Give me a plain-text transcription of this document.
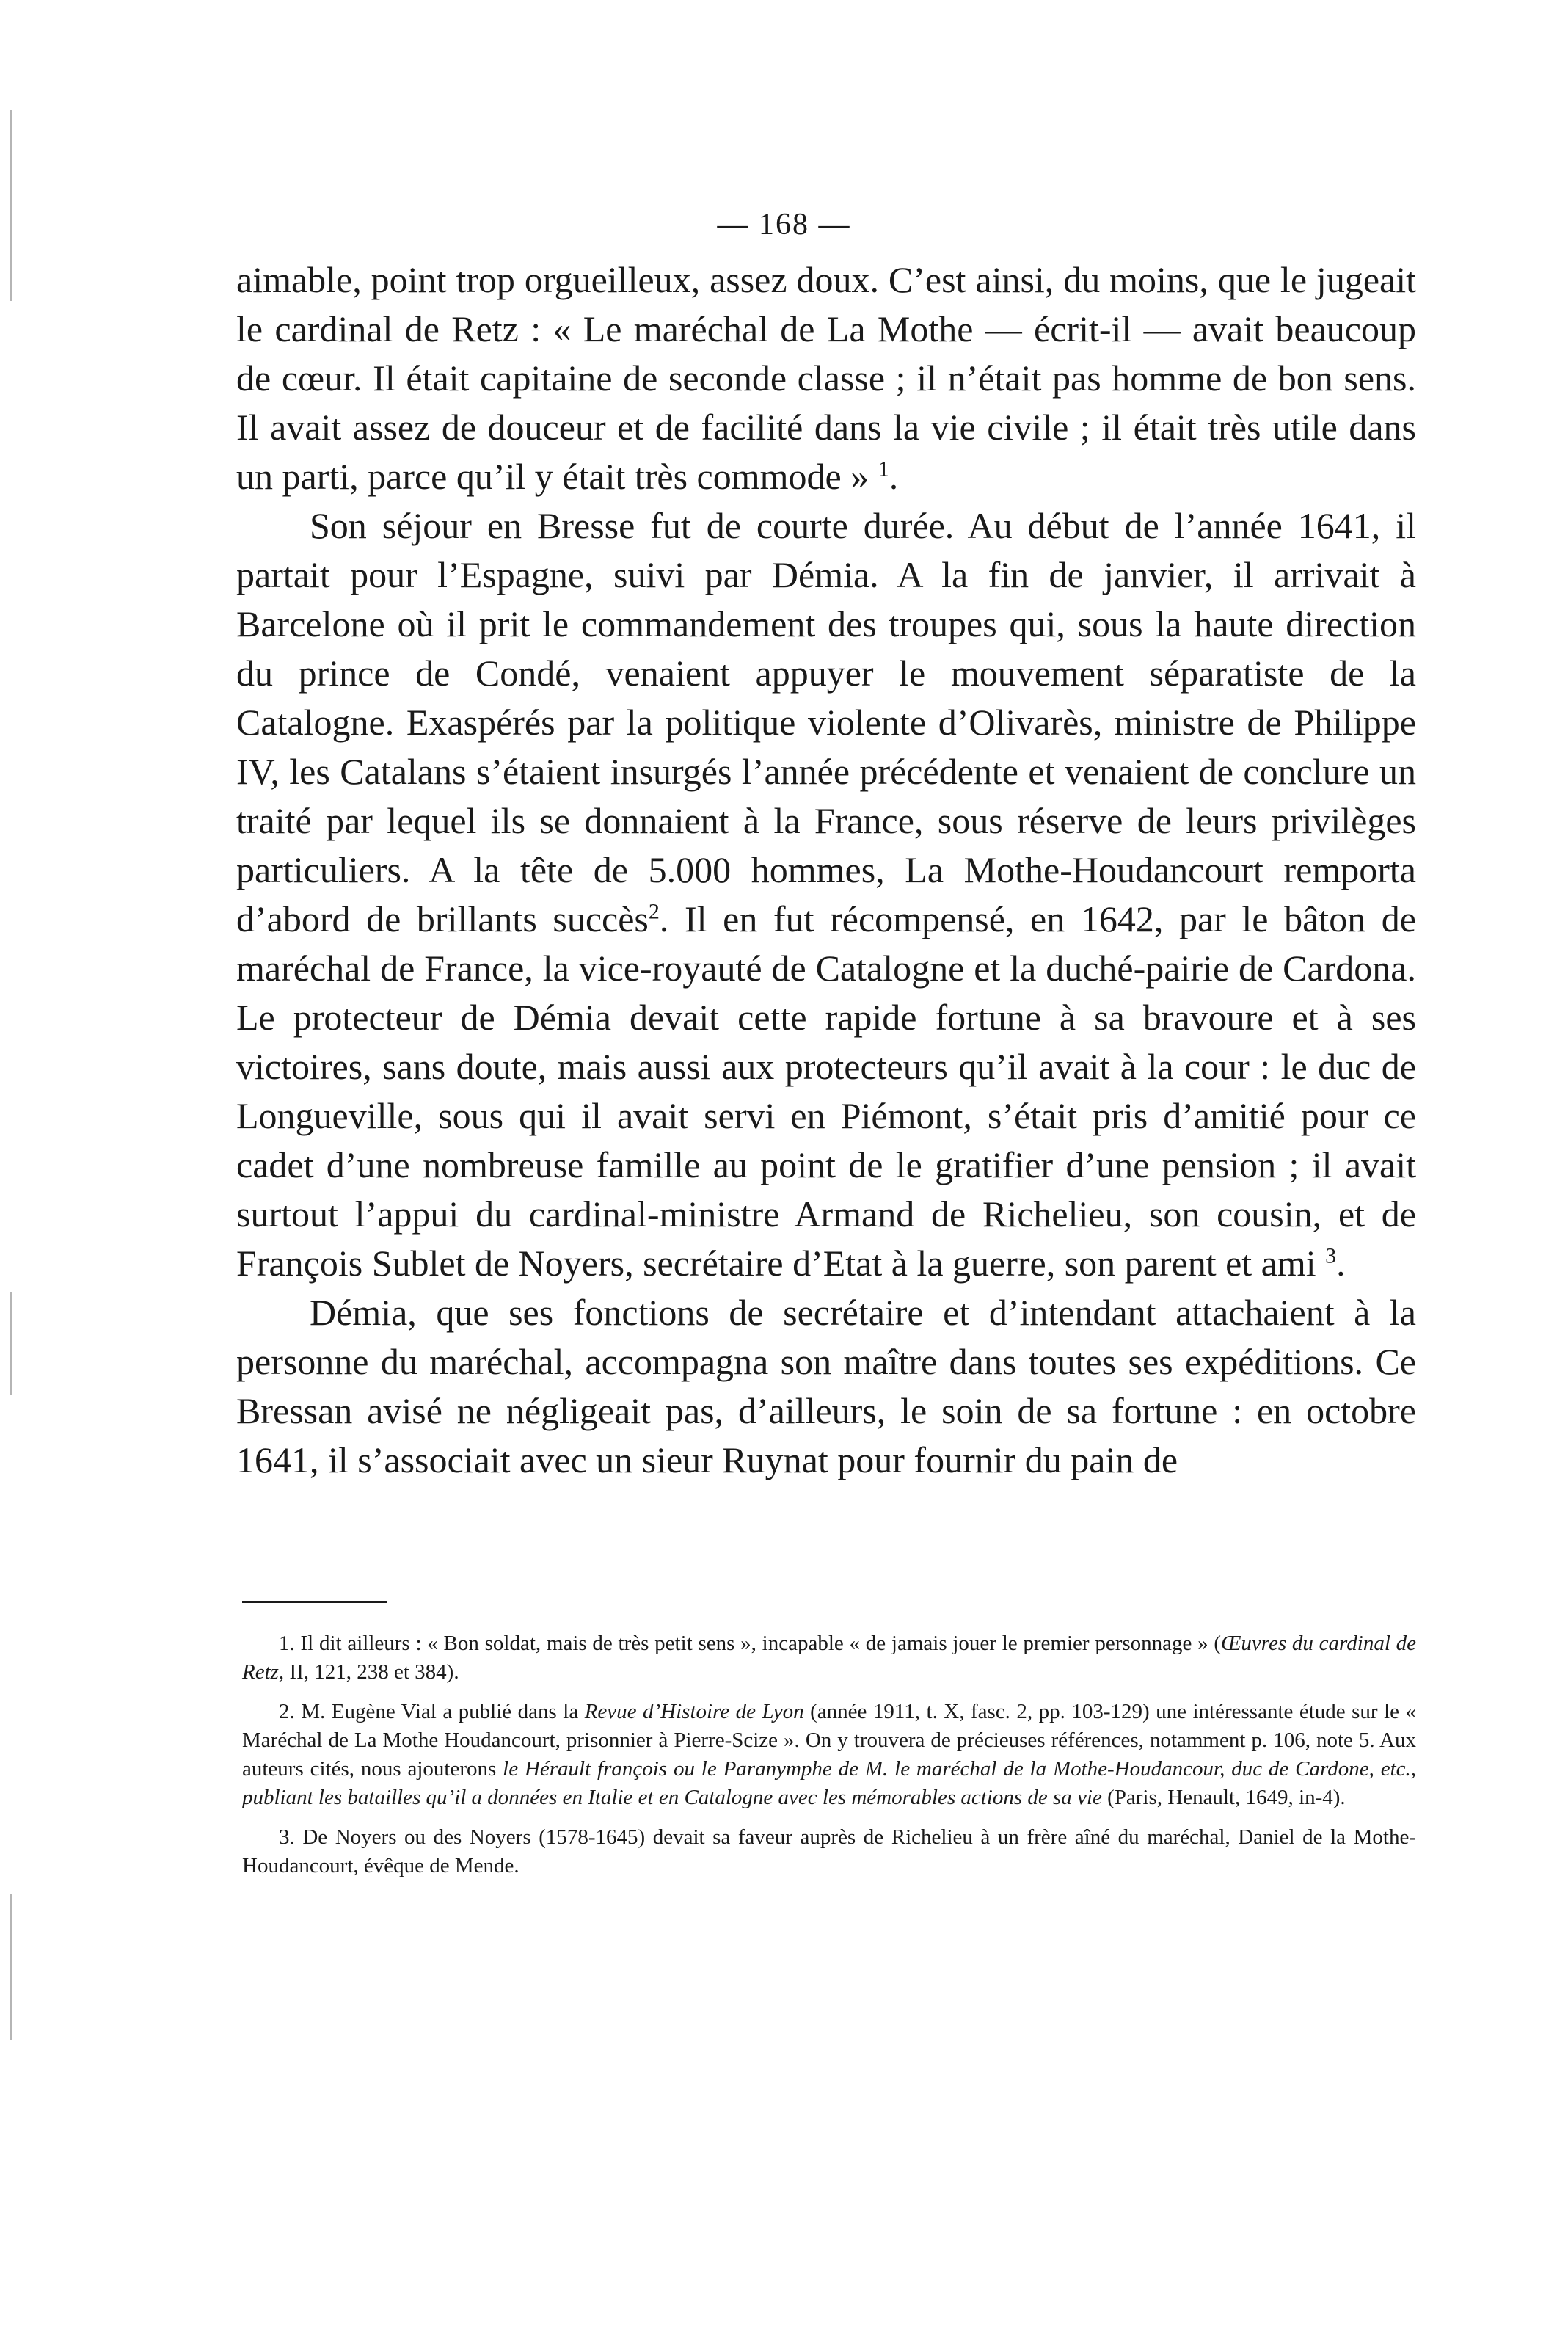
— 168 —

aimable, point trop orgueilleux, assez doux. C’est ainsi, du moins, que le jugeait le cardinal de Retz : « Le maréchal de La Mothe — écrit-il — avait beaucoup de cœur. Il était capitaine de seconde classe ; il n’était pas homme de bon sens. Il avait assez de douceur et de facilité dans la vie civile ; il était très utile dans un parti, parce qu’il y était très commode » $^1$.

Son séjour en Bresse fut de courte durée. Au début de l’année 1641, il partait pour l’Espagne, suivi par Démia. A la fin de janvier, il arrivait à Barcelone où il prit le commandement des troupes qui, sous la haute direction du prince de Condé, venaient appuyer le mouvement séparatiste de la Catalogne. Exaspérés par la politique violente d’Olivarès, ministre de Philippe IV, les Catalans s’étaient insurgés l’année précédente et venaient de conclure un traité par lequel ils se donnaient à la France, sous réserve de leurs privilèges particuliers. A la tête de 5.000 hommes, La Mothe-Houdancourt remporta d’abord de brillants succès$^2$. Il en fut récompensé, en 1642, par le bâton de maréchal de France, la vice-royauté de Catalogne et la duché-pairie de Cardona. Le protecteur de Démia devait cette rapide fortune à sa bravoure et à ses victoires, sans doute, mais aussi aux protecteurs qu’il avait à la cour : le duc de Longueville, sous qui il avait servi en Piémont, s’était pris d’amitié pour ce cadet d’une nombreuse famille au point de le gratifier d’une pension ; il avait surtout l’appui du cardinal-ministre Armand de Richelieu, son cousin, et de François Sublet de Noyers, secrétaire d’Etat à la guerre, son parent et ami $^3$.

Démia, que ses fonctions de secrétaire et d’intendant attachaient à la personne du maréchal, accompagna son maître dans toutes ses expéditions. Ce Bressan avisé ne négligeait pas, d’ailleurs, le soin de sa fortune : en octobre 1641, il s’associait avec un sieur Ruynat pour fournir du pain de

1. Il dit ailleurs : « Bon soldat, mais de très petit sens », incapable « de jamais jouer le premier personnage » (Œuvres du cardinal de Retz, II, 121, 238 et 384).

2. M. Eugène Vial a publié dans la Revue d’Histoire de Lyon (année 1911, t. X, fasc. 2, pp. 103-129) une intéressante étude sur le « Maréchal de La Mothe Houdancourt, prisonnier à Pierre-Scize ». On y trouvera de précieuses références, notamment p. 106, note 5. Aux auteurs cités, nous ajouterons le Hérault françois ou le Paranymphe de M. le maréchal de la Mothe-Houdancour, duc de Cardone, etc., publiant les batailles qu’il a données en Italie et en Catalogne avec les mémorables actions de sa vie (Paris, Henault, 1649, in-4).

3. De Noyers ou des Noyers (1578-1645) devait sa faveur auprès de Richelieu à un frère aîné du maréchal, Daniel de la Mothe-Houdancourt, évêque de Mende.
